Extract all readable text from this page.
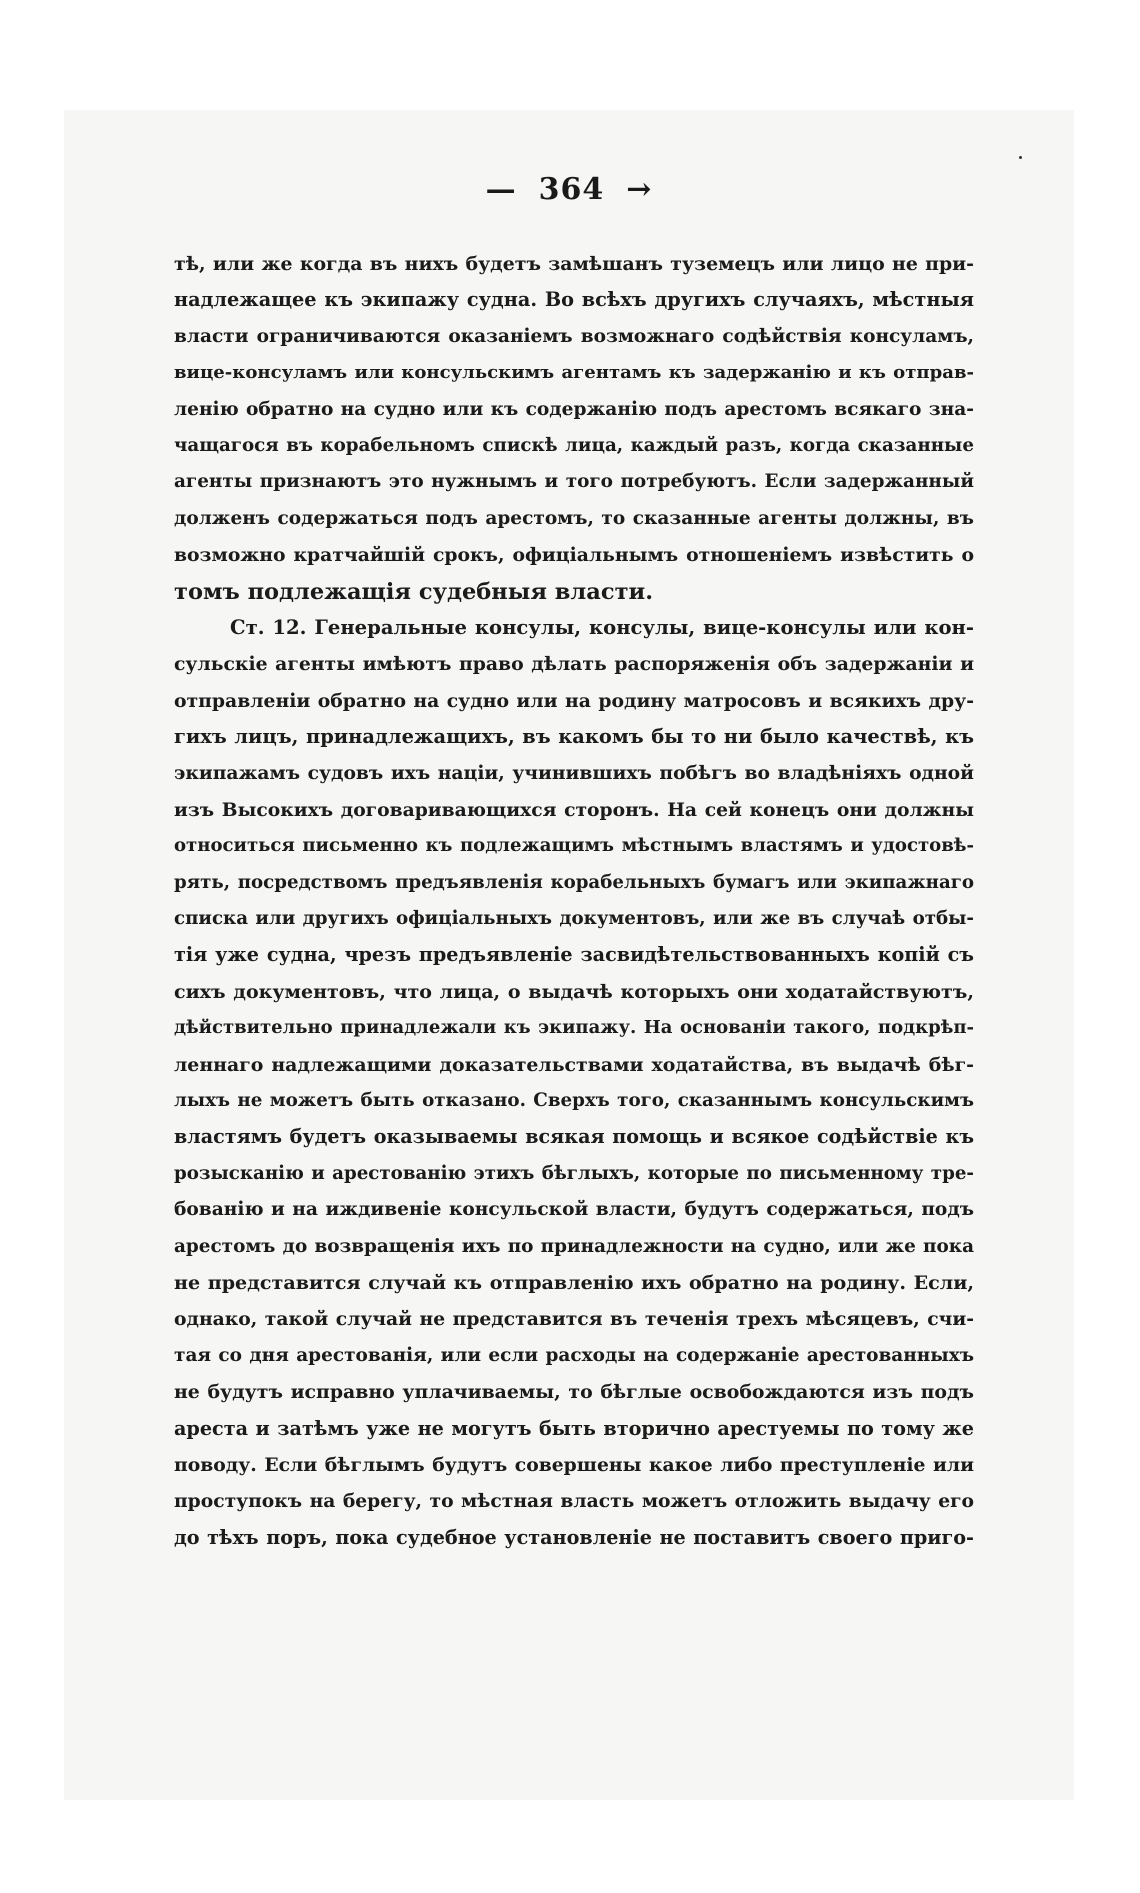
— 364 →
тѣ, или же когда въ нихъ будетъ замѣшанъ туземецъ или лицо не при-
надлежащее къ экипажу судна. Во всѣхъ другихъ случаяхъ, мѣстныя
власти ограничиваются оказаніемъ возможнаго содѣйствія консуламъ,
вице-консуламъ или консульскимъ агентамъ къ задержанію и къ отправ-
ленію обратно на судно или къ содержанію подъ арестомъ всякаго зна-
чащагося въ корабельномъ спискѣ лица, каждый разъ, когда сказанные
агенты признаютъ это нужнымъ и того потребуютъ. Если задержанный
долженъ содержаться подъ арестомъ, то сказанные агенты должны, въ
возможно кратчайшій срокъ, офиціальнымъ отношеніемъ извѣстить о
томъ подлежащія судебныя власти.
Ст. 12. Генеральные консулы, консулы, вице-консулы или кон-
сульскіе агенты имѣютъ право дѣлать распоряженія объ задержаніи и
отправленіи обратно на судно или на родину матросовъ и всякихъ дру-
гихъ лицъ, принадлежащихъ, въ какомъ бы то ни было качествѣ, къ
экипажамъ судовъ ихъ націи, учинившихъ побѣгъ во владѣніяхъ одной
изъ Высокихъ договаривающихся сторонъ. На сей конецъ они должны
относиться письменно къ подлежащимъ мѣстнымъ властямъ и удостовѣ-
рять, посредствомъ предъявленія корабельныхъ бумагъ или экипажнаго
списка или другихъ офиціальныхъ документовъ, или же въ случаѣ отбы-
тія уже судна, чрезъ предъявленіе засвидѣтельствованныхъ копій съ
сихъ документовъ, что лица, о выдачѣ которыхъ они ходатайствуютъ,
дѣйствительно принадлежали къ экипажу. На основаніи такого, подкрѣп-
леннаго надлежащими доказательствами ходатайства, въ выдачѣ бѣг-
лыхъ не можетъ быть отказано. Сверхъ того, сказаннымъ консульскимъ
властямъ будетъ оказываемы всякая помощь и всякое содѣйствіе къ
розысканію и арестованію этихъ бѣглыхъ, которые по письменному тре-
бованію и на иждивеніе консульской власти, будутъ содержаться, подъ
арестомъ до возвращенія ихъ по принадлежности на судно, или же пока
не представится случай къ отправленію ихъ обратно на родину. Если,
однако, такой случай не представится въ теченія трехъ мѣсяцевъ, счи-
тая со дня арестованія, или если расходы на содержаніе арестованныхъ
не будутъ исправно уплачиваемы, то бѣглые освобождаются изъ подъ
ареста и затѣмъ уже не могутъ быть вторично арестуемы по тому же
поводу. Если бѣглымъ будутъ совершены какое либо преступленіе или
проступокъ на берегу, то мѣстная власть можетъ отложить выдачу его
до тѣхъ поръ, пока судебное установленіе не поставитъ своего приго-
